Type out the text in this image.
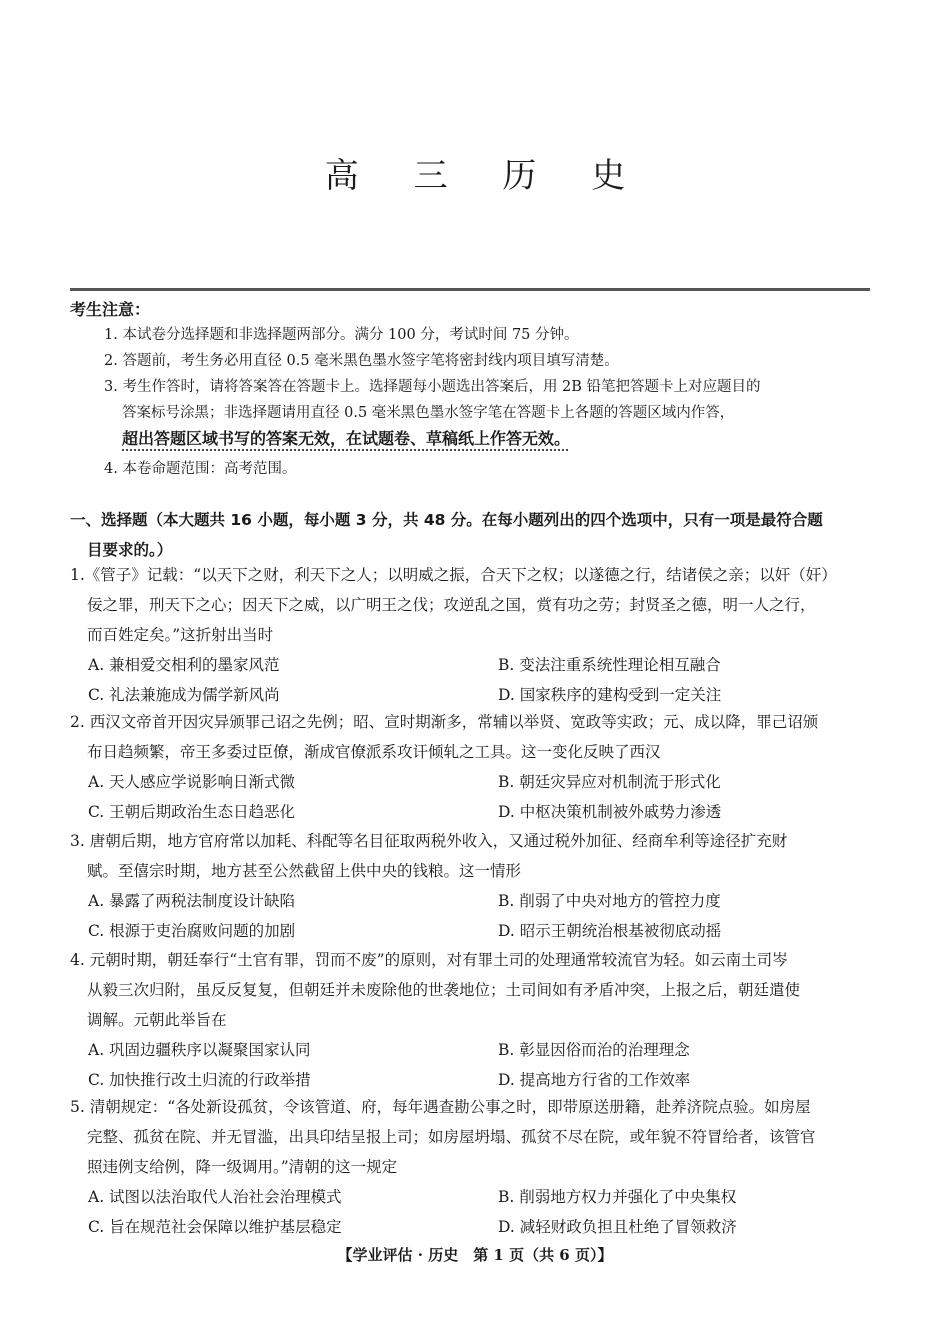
高 三 历 史
考生注意：
1. 本试卷分选择题和非选择题两部分。满分 100 分，考试时间 75 分钟。
2. 答题前，考生务必用直径 0.5 毫米黑色墨水签字笔将密封线内项目填写清楚。
3. 考生作答时，请将答案答在答题卡上。选择题每小题选出答案后，用 2B 铅笔把答题卡上对应题目的
答案标号涂黑；非选择题请用直径 0.5 毫米黑色墨水签字笔在答题卡上各题的答题区域内作答，
超出答题区域书写的答案无效，在试题卷、草稿纸上作答无效。
4. 本卷命题范围：高考范围。
一、选择题（本大题共 16 小题，每小题 3 分，共 48 分。在每小题列出的四个选项中，只有一项是最符合题
目要求的。）
1.《管子》记载：“以天下之财，利天下之人；以明威之振，合天下之权；以遂德之行，结诸侯之亲；以奸（奸）
佞之罪，刑天下之心；因天下之威，以广明王之伐；攻逆乱之国，赏有功之劳；封贤圣之德，明一人之行，
而百姓定矣。”这折射出当时
A. 兼相爱交相利的墨家风范	B. 变法注重系统性理论相互融合
C. 礼法兼施成为儒学新风尚	D. 国家秩序的建构受到一定关注
2. 西汉文帝首开因灾异颁罪己诏之先例；昭、宣时期渐多，常辅以举贤、宽政等实政；元、成以降，罪己诏颁
布日趋频繁，帝王多委过臣僚，渐成官僚派系攻讦倾轧之工具。这一变化反映了西汉
A. 天人感应学说影响日渐式微	B. 朝廷灾异应对机制流于形式化
C. 王朝后期政治生态日趋恶化	D. 中枢决策机制被外戚势力渗透
3. 唐朝后期，地方官府常以加耗、科配等名目征取两税外收入，又通过税外加征、经商牟利等途径扩充财
赋。至僖宗时期，地方甚至公然截留上供中央的钱粮。这一情形
A. 暴露了两税法制度设计缺陷	B. 削弱了中央对地方的管控力度
C. 根源于吏治腐败问题的加剧	D. 昭示王朝统治根基被彻底动摇
4. 元朝时期，朝廷奉行“土官有罪，罚而不废”的原则，对有罪土司的处理通常较流官为轻。如云南土司岑
从毅三次归附，虽反反复复，但朝廷并未废除他的世袭地位；土司间如有矛盾冲突，上报之后，朝廷遣使
调解。元朝此举旨在
A. 巩固边疆秩序以凝聚国家认同	B. 彰显因俗而治的治理理念
C. 加快推行改土归流的行政举措	D. 提高地方行省的工作效率
5. 清朝规定：“各处新设孤贫，令该管道、府，每年遇查勘公事之时，即带原送册籍，赴养济院点验。如房屋
完整、孤贫在院、并无冒滥，出具印结呈报上司；如房屋坍塌、孤贫不尽在院，或年貌不符冒给者，该管官
照违例支给例，降一级调用。”清朝的这一规定
A. 试图以法治取代人治社会治理模式	B. 削弱地方权力并强化了中央集权
C. 旨在规范社会保障以维护基层稳定	D. 减轻财政负担且杜绝了冒领救济
【学业评估 · 历史　第 1 页（共 6 页）】
